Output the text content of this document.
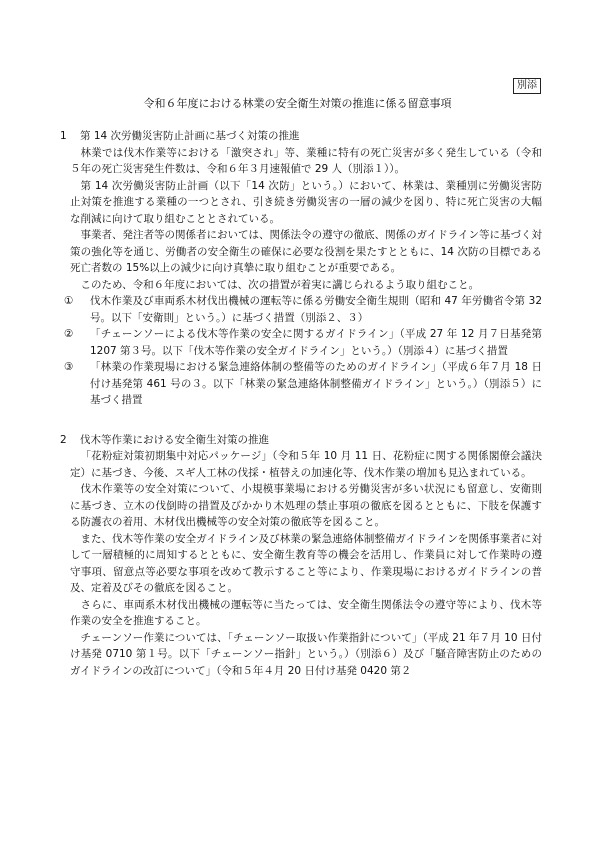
別添
令和６年度における林業の安全衛生対策の推進に係る留意事項

1 第 14 次労働災害防止計画に基づく対策の推進

林業では伐木作業等における「激突され」等、業種に特有の死亡災害が多く発生している（令和５年の死亡災害発生件数は、令和６年３月速報値で 29 人（別添１））。

第 14 次労働災害防止計画（以下「14 次防」という。）において、林業は、業種別に労働災害防止対策を推進する業種の一つとされ、引き続き労働災害の一層の減少を図り、特に死亡災害の大幅な削減に向けて取り組むこととされている。

事業者、発注者等の関係者においては、関係法令の遵守の徹底、関係のガイドライン等に基づく対策の強化等を通じ、労働者の安全衛生の確保に必要な役割を果たすとともに、14 次防の目標である死亡者数の 15%以上の減少に向け真摯に取り組むことが重要である。

このため、令和６年度においては、次の措置が着実に講じられるよう取り組むこと。

① 伐木作業及び車両系木材伐出機械の運転等に係る労働安全衛生規則（昭和 47 年労働省令第 32 号。以下「安衛則」という。）に基づく措置（別添２、３）
② 「チェーンソーによる伐木等作業の安全に関するガイドライン」（平成 27 年 12 月７日基発第 1207 第３号。以下「伐木等作業の安全ガイドライン」という。）（別添４）に基づく措置
③ 「林業の作業現場における緊急連絡体制の整備等のためのガイドライン」（平成６年７月 18 日付け基発第 461 号の３。以下「林業の緊急連絡体制整備ガイドライン」という。）（別添５）に基づく措置

2 伐木等作業における安全衛生対策の推進

「花粉症対策初期集中対応パッケージ」（令和５年 10 月 11 日、花粉症に関する関係閣僚会議決定）に基づき、今後、スギ人工林の伐採・植替えの加速化等、伐木作業の増加も見込まれている。

伐木作業等の安全対策について、小規模事業場における労働災害が多い状況にも留意し、安衛則に基づき、立木の伐倒時の措置及びかかり木処理の禁止事項の徹底を図るとともに、下肢を保護する防護衣の着用、木材伐出機械等の安全対策の徹底等を図ること。

また、伐木等作業の安全ガイドライン及び林業の緊急連絡体制整備ガイドラインを関係事業者に対して一層積極的に周知するとともに、安全衛生教育等の機会を活用し、作業員に対して作業時の遵守事項、留意点等必要な事項を改めて教示すること等により、作業現場におけるガイドラインの普及、定着及びその徹底を図ること。

さらに、車両系木材伐出機械の運転等に当たっては、安全衛生関係法令の遵守等により、伐木等作業の安全を推進すること。

チェーンソー作業については、「チェーンソー取扱い作業指針について」（平成 21 年７月 10 日付け基発 0710 第１号。以下「チェーンソー指針」という。）（別添６）及び「騒音障害防止のためのガイドラインの改訂について」（令和５年４月 20 日付け基発 0420 第２
